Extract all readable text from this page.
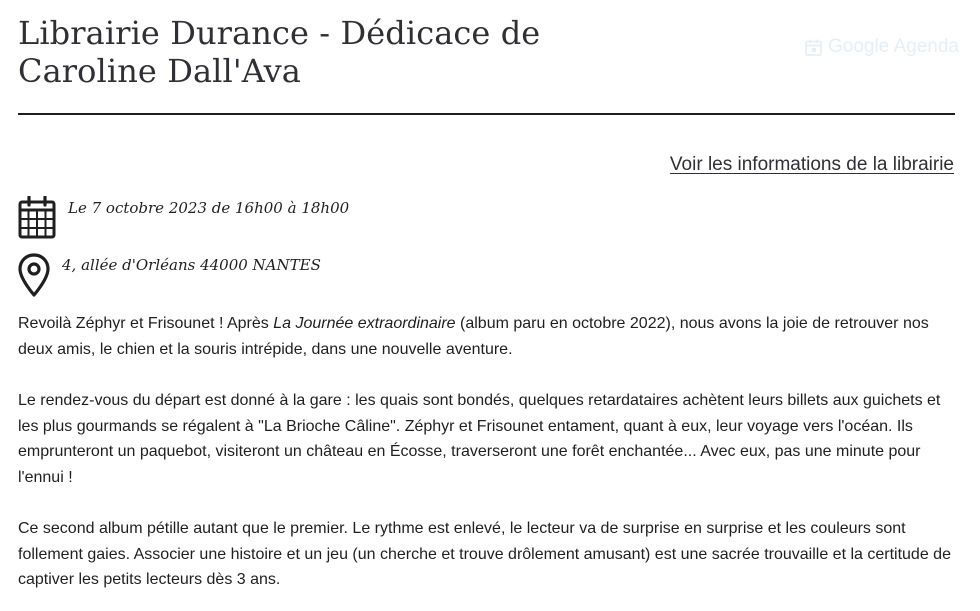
Librairie Durance - Dédicace de Caroline Dall'Ava
Google Agenda
Voir les informations de la librairie
Le 7 octobre 2023 de 16h00 à 18h00
4, allée d'Orléans 44000 NANTES

Revoilà Zéphyr et Frisounet ! Après La Journée extraordinaire (album paru en octobre 2022), nous avons la joie de retrouver nos deux amis, le chien et la souris intrépide, dans une nouvelle aventure.

Le rendez-vous du départ est donné à la gare : les quais sont bondés, quelques retardataires achètent leurs billets aux guichets et les plus gourmands se régalent à "La Brioche Câline". Zéphyr et Frisounet entament, quant à eux, leur voyage vers l'océan. Ils emprunteront un paquebot, visiteront un château en Écosse, traverseront une forêt enchantée... Avec eux, pas une minute pour l'ennui !

Ce second album pétille autant que le premier. Le rythme est enlevé, le lecteur va de surprise en surprise et les couleurs sont follement gaies. Associer une histoire et un jeu (un cherche et trouve drôlement amusant) est une sacrée trouvaille et la certitude de captiver les petits lecteurs dès 3 ans.
